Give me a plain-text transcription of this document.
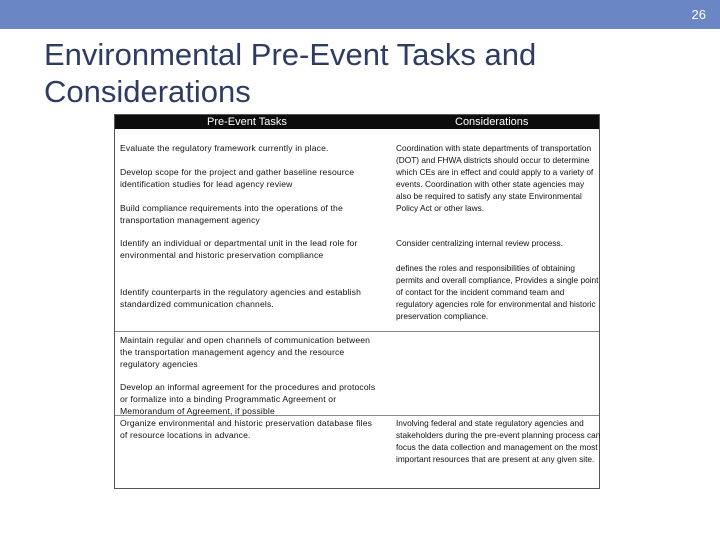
26
Environmental Pre-Event Tasks and Considerations
Pre-Event Tasks	Considerations

Evaluate the regulatory framework currently in place.

Develop scope for the project and gather baseline resource identification studies for lead agency review

Build compliance requirements into the operations of the transportation management agency

Identify an individual or departmental unit in the lead role for environmental and historic preservation compliance

Identify counterparts in the regulatory agencies and establish standardized communication channels.

Maintain regular and open channels of communication between the transportation management agency and the resource regulatory agencies

Develop an informal agreement for the procedures and protocols or formalize into a binding Programmatic Agreement or Memorandum of Agreement, if possible

Organize environmental and historic preservation database files of resource locations in advance.

Coordination with state departments of transportation (DOT) and FHWA districts should occur to determine which CEs are in effect and could apply to a variety of events. Coordination with other state agencies may also be required to satisfy any state Environmental Policy Act or other laws.

Consider centralizing internal review process.

defines the roles and responsibilities of obtaining permits and overall compliance, Provides a single point of contact for the incident command team and regulatory agencies role for environmental and historic preservation compliance.

Involving federal and state regulatory agencies and stakeholders during the pre-event planning process can focus the data collection and management on the most important resources that are present at any given site.
